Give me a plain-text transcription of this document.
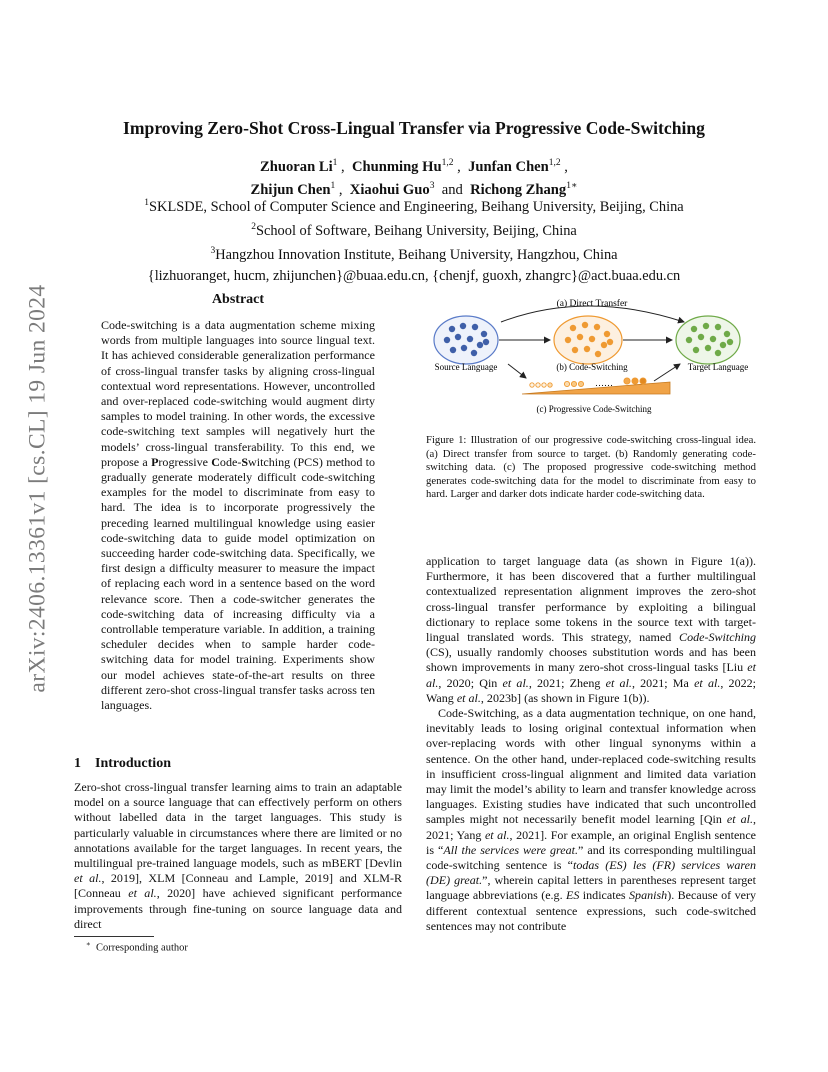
arXiv:2406.13361v1 [cs.CL] 19 Jun 2024
Improving Zero-Shot Cross-Lingual Transfer via Progressive Code-Switching
Zhuoran Li$^1$ ,  Chunming Hu$^{1,2}$ ,  Junfan Chen$^{1,2}$ ,
Zhijun Chen$^1$ ,  Xiaohui Guo$^3$ and Richong Zhang$^{1∗}$
$^1$SKLSDE, School of Computer Science and Engineering, Beihang University, Beijing, China
$^2$School of Software, Beihang University, Beijing, China
$^3$Hangzhou Innovation Institute, Beihang University, Hangzhou, China
{lizhuoranget, hucm, zhijunchen}@buaa.edu.cn, {chenjf, guoxh, zhangrc}@act.buaa.edu.cn
Abstract
Code-switching is a data augmentation scheme mixing words from multiple languages into source lingual text. It has achieved considerable generalization performance of cross-lingual transfer tasks by aligning cross-lingual contextual word representations. However, uncontrolled and over-replaced code-switching would augment dirty samples to model training. In other words, the excessive code-switching text samples will negatively hurt the models’ cross-lingual transferability. To this end, we propose a Progressive Code-Switching (PCS) method to gradually generate moderately difficult code-switching examples for the model to discriminate from easy to hard. The idea is to incorporate progressively the preceding learned multilingual knowledge using easier code-switching data to guide model optimization on succeeding harder code-switching data. Specifically, we first design a difficulty measurer to measure the impact of replacing each word in a sentence based on the word relevance score. Then a code-switcher generates the code-switching data of increasing difficulty via a controllable temperature variable. In addition, a training scheduler decides when to sample harder code-switching data for model training. Experiments show our model achieves state-of-the-art results on three different zero-shot cross-lingual transfer tasks across ten languages.
1 Introduction
Zero-shot cross-lingual transfer learning aims to train an adaptable model on a source language that can effectively perform on others without labelled data in the target languages. This study is particularly valuable in circumstances where there are limited or no annotations available for the target languages. In recent years, the multilingual pre-trained language models, such as mBERT [Devlin et al., 2019], XLM [Conneau and Lample, 2019] and XLM-R [Conneau et al., 2020] have achieved significant performance improvements through fine-tuning on source language data and direct
∗ Corresponding author
(a) Direct Transfer
Source Language	(b) Code-Switching	Target Language
……
(c) Progressive Code-Switching
Figure 1: Illustration of our progressive code-switching cross-lingual idea. (a) Direct transfer from source to target. (b) Randomly generating code-switching data. (c) The proposed progressive code-switching method generates code-switching data for the model to discriminate from easy to hard. Larger and darker dots indicate harder code-switching data.

application to target language data (as shown in Figure 1(a)). Furthermore, it has been discovered that a further multilingual contextualized representation alignment improves the zero-shot cross-lingual transfer performance by exploiting a bilingual dictionary to replace some tokens in the source text with target-lingual translated words. This strategy, named Code-Switching (CS), usually randomly chooses substitution words and has been shown improvements in many zero-shot cross-lingual tasks [Liu et al., 2020; Qin et al., 2021; Zheng et al., 2021; Ma et al., 2022; Wang et al., 2023b] (as shown in Figure 1(b)).

Code-Switching, as a data augmentation technique, on one hand, inevitably leads to losing original contextual information when over-replacing words with other lingual synonyms within a sentence. On the other hand, under-replaced code-switching results in insufficient cross-lingual alignment and limited data variation may limit the model’s ability to learn and transfer knowledge across languages. Existing studies have indicated that such uncontrolled samples might not necessarily benefit model learning [Qin et al., 2021; Yang et al., 2021]. For example, an original English sentence is “All the services were great.” and its corresponding multilingual code-switching sentence is “todas (ES) les (FR) services waren (DE) great.”, wherein capital letters in parentheses represent target language abbreviations (e.g. ES indicates Spanish). Because of very different contextual sentence expressions, such code-switched sentences may not contribute
